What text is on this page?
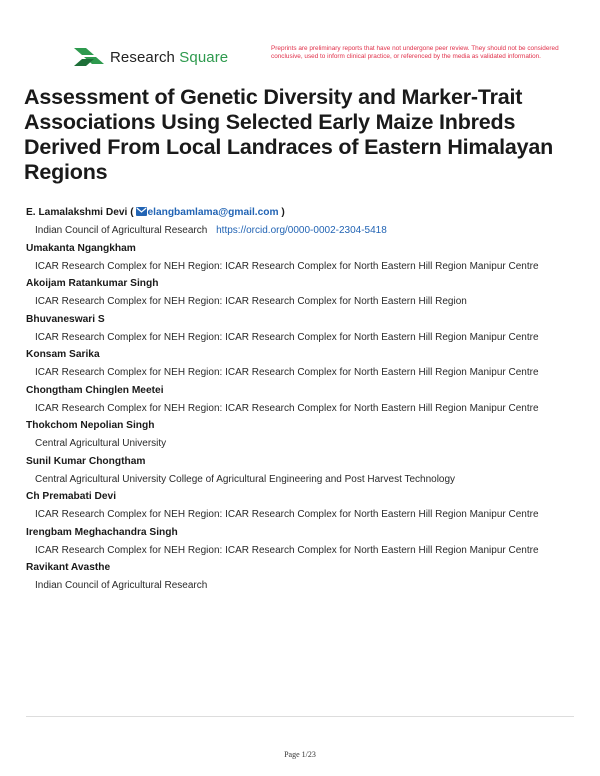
Research Square	Preprints are preliminary reports that have not undergone peer review. They should not be considered conclusive, used to inform clinical practice, or referenced by the media as validated information.
Assessment of Genetic Diversity and Marker-Trait Associations Using Selected Early Maize Inbreds Derived From Local Landraces of Eastern Himalayan Regions
E. Lamalakshmi Devi ( elangbamlama@gmail.com )
Indian Council of Agricultural Research https://orcid.org/0000-0002-2304-5418
Umakanta Ngangkham
ICAR Research Complex for NEH Region: ICAR Research Complex for North Eastern Hill Region Manipur Centre
Akoijam Ratankumar Singh
ICAR Research Complex for NEH Region: ICAR Research Complex for North Eastern Hill Region
Bhuvaneswari S
ICAR Research Complex for NEH Region: ICAR Research Complex for North Eastern Hill Region Manipur Centre
Konsam Sarika
ICAR Research Complex for NEH Region: ICAR Research Complex for North Eastern Hill Region Manipur Centre
Chongtham Chinglen Meetei
ICAR Research Complex for NEH Region: ICAR Research Complex for North Eastern Hill Region Manipur Centre
Thokchom Nepolian Singh
Central Agricultural University
Sunil Kumar Chongtham
Central Agricultural University College of Agricultural Engineering and Post Harvest Technology
Ch Premabati Devi
ICAR Research Complex for NEH Region: ICAR Research Complex for North Eastern Hill Region Manipur Centre
Irengbam Meghachandra Singh
ICAR Research Complex for NEH Region: ICAR Research Complex for North Eastern Hill Region Manipur Centre
Ravikant Avasthe
Indian Council of Agricultural Research
Page 1/23
